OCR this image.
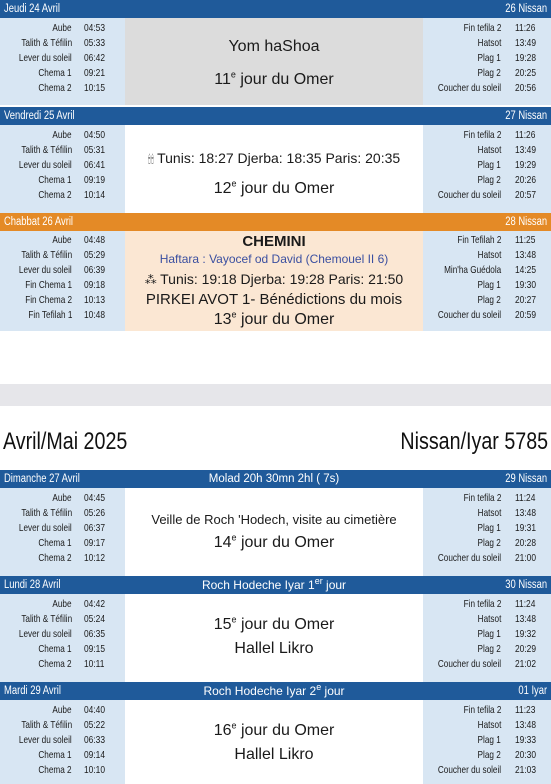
Jeudi 24 Avril	26 Nissan
Aube 04:53
Talith & Téfilin 05:33
Lever du soleil 06:42
Chema 1 09:21
Chema 2 10:15
Yom haShoa
11e jour du Omer
Fin tefila 2 11:26
Hatsot 13:49
Plag 1 19:28
Plag 2 20:25
Coucher du soleil 20:56
Vendredi 25 Avril	27 Nissan
Aube 04:50
Talith & Téfilin 05:31
Lever du soleil 06:41
Chema 1 09:19
Chema 2 10:14
🕯🕯 Tunis: 18:27 Djerba: 18:35 Paris: 20:35
12e jour du Omer
Fin tefila 2 11:26
Hatsot 13:49
Plag 1 19:29
Plag 2 20:26
Coucher du soleil 20:57
Chabbat 26 Avril	28 Nissan
Aube 04:48
Talith & Téfilin 05:29
Lever du soleil 06:39
Fin Chema 1 09:18
Fin Chema 2 10:13
Fin Tefilah 1 10:48
CHEMINI
Haftara : Vayocef od David (Chemouel II 6)
⁂ Tunis: 19:18 Djerba: 19:28 Paris: 21:50
PIRKEI AVOT 1- Bénédictions du mois
13e jour du Omer
Fin Tefilah 2 11:25
Hatsot 13:48
Min'ha Guédola 14:25
Plag 1 19:30
Plag 2 20:27
Coucher du soleil 20:59
Avril/Mai 2025	Nissan/Iyar 5785
Dimanche 27 Avril	Molad 20h 30mn 2hl ( 7s)	29 Nissan
Aube 04:45
Talith & Téfilin 05:26
Lever du soleil 06:37
Chema 1 09:17
Chema 2 10:12
Veille de Roch 'Hodech, visite au cimetière
14e jour du Omer
Fin tefila 2 11:24
Hatsot 13:48
Plag 1 19:31
Plag 2 20:28
Coucher du soleil 21:00
Lundi 28 Avril	Roch Hodeche Iyar 1er jour	30 Nissan
Aube 04:42
Talith & Téfilin 05:24
Lever du soleil 06:35
Chema 1 09:15
Chema 2 10:11
15e jour du Omer
Hallel Likro
Fin tefila 2 11:24
Hatsot 13:48
Plag 1 19:32
Plag 2 20:29
Coucher du soleil 21:02
Mardi 29 Avril	Roch Hodeche Iyar 2e jour	01 Iyar
Aube 04:40
Talith & Téfilin 05:22
Lever du soleil 06:33
Chema 1 09:14
Chema 2 10:10
16e jour du Omer
Hallel Likro
Fin tefila 2 11:23
Hatsot 13:48
Plag 1 19:33
Plag 2 20:30
Coucher du soleil 21:03
